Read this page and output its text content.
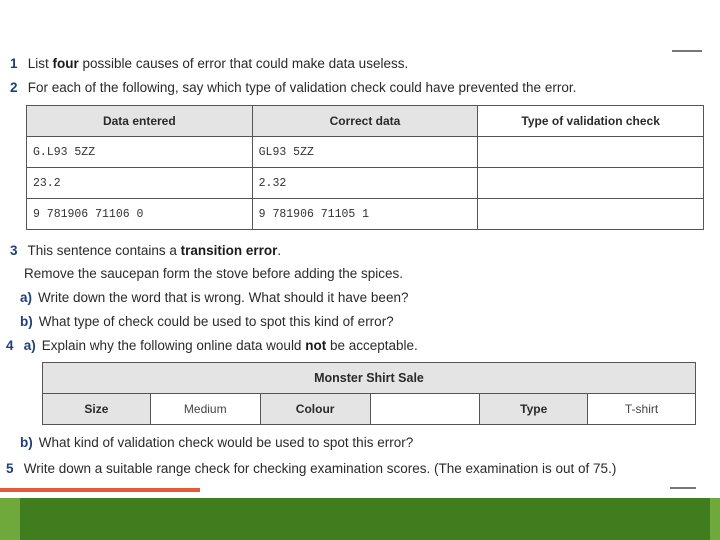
1 List four possible causes of error that could make data useless.
2 For each of the following, say which type of validation check could have prevented the error.
Data entered	Correct data	Type of validation check
G.L93 5ZZ	GL93 5ZZ	
23.2	2.32	
9 781906 71106 0	9 781906 71105 1	
3 This sentence contains a transition error.
Remove the saucepan form the stove before adding the spices.
a) Write down the word that is wrong. What should it have been?
b) What type of check could be used to spot this kind of error?
4 a) Explain why the following online data would not be acceptable.
Monster Shirt Sale
Size	Medium	Colour		Type	T-shirt
b) What kind of validation check would be used to spot this error?
5 Write down a suitable range check for checking examination scores. (The examination is out of 75.)
